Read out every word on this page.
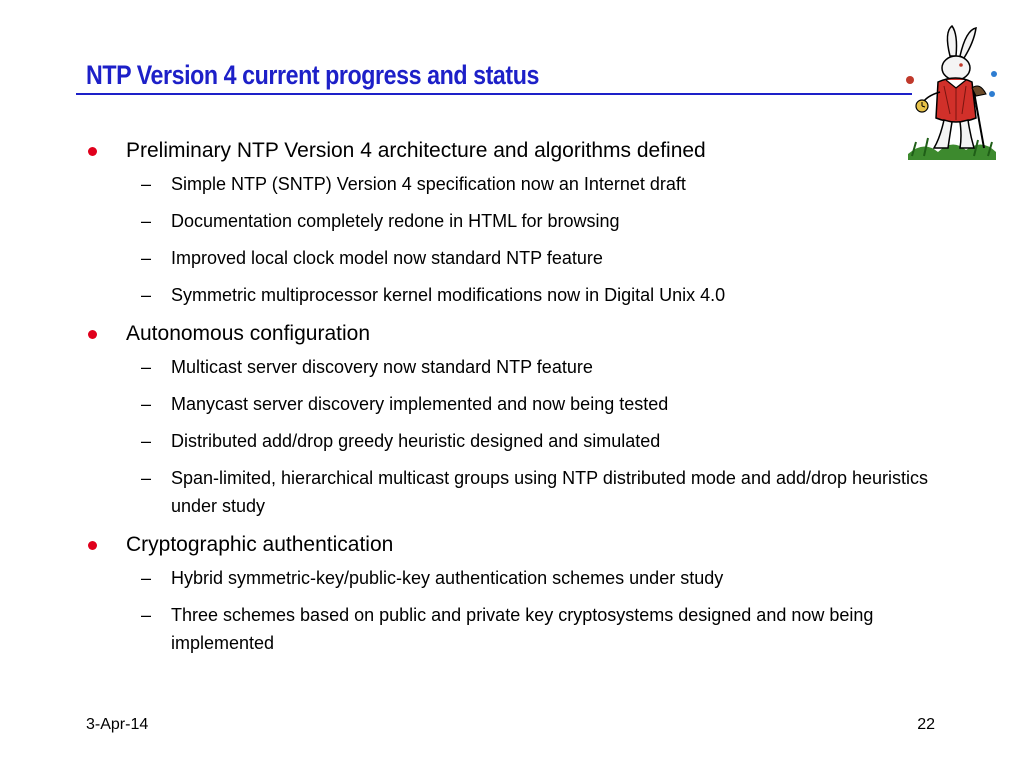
NTP Version 4 current progress and status
Preliminary NTP Version 4 architecture and algorithms defined
– Simple NTP (SNTP) Version 4 specification now an Internet draft
– Documentation completely redone in HTML for browsing
– Improved local clock model now standard NTP feature
– Symmetric multiprocessor kernel modifications now in Digital Unix 4.0
Autonomous configuration
– Multicast server discovery now standard NTP feature
– Manycast server discovery implemented and now being tested
– Distributed add/drop greedy heuristic designed and simulated
– Span-limited, hierarchical multicast groups using NTP distributed mode and add/drop heuristics under study
Cryptographic authentication
– Hybrid symmetric-key/public-key authentication schemes under study
– Three schemes based on public and private key cryptosystems designed and now being implemented
3-Apr-14	22
